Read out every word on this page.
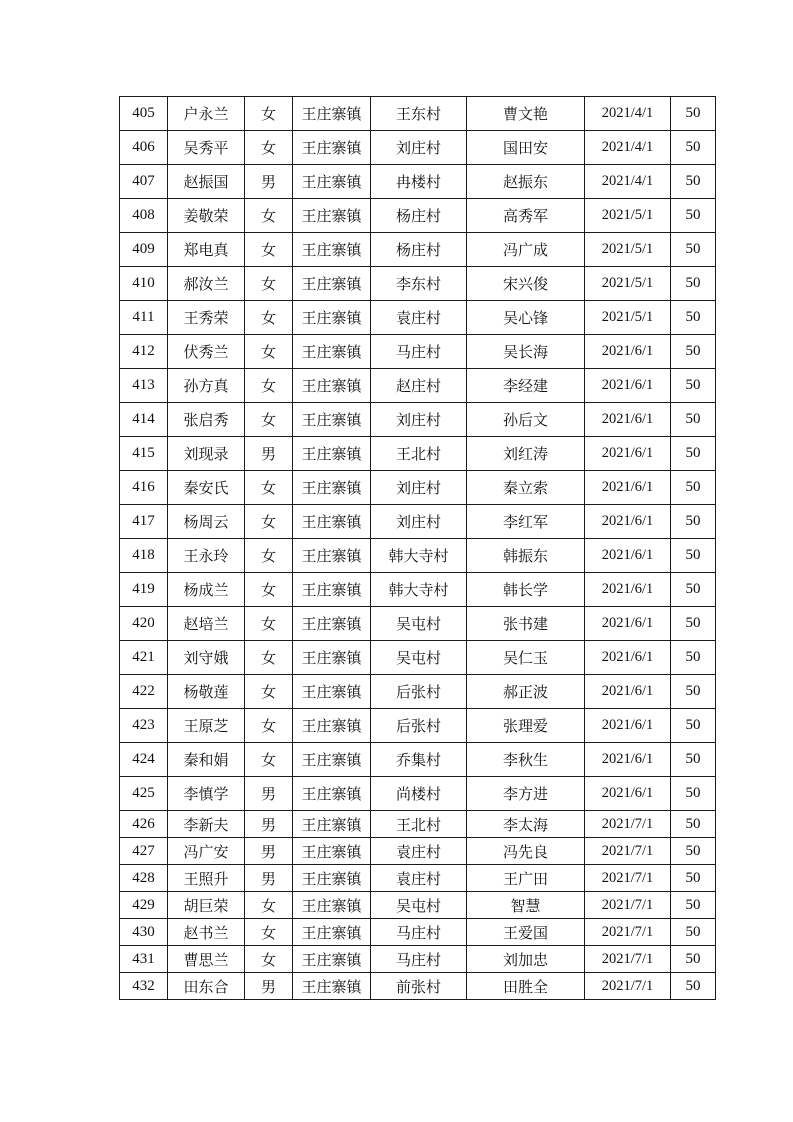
405	户永兰	女	王庄寨镇	王东村	曹文艳	2021/4/1	50
406	吴秀平	女	王庄寨镇	刘庄村	国田安	2021/4/1	50
407	赵振国	男	王庄寨镇	冉楼村	赵振东	2021/4/1	50
408	姜敬荣	女	王庄寨镇	杨庄村	高秀军	2021/5/1	50
409	郑电真	女	王庄寨镇	杨庄村	冯广成	2021/5/1	50
410	郝汝兰	女	王庄寨镇	李东村	宋兴俊	2021/5/1	50
411	王秀荣	女	王庄寨镇	袁庄村	吴心锋	2021/5/1	50
412	伏秀兰	女	王庄寨镇	马庄村	吴长海	2021/6/1	50
413	孙方真	女	王庄寨镇	赵庄村	李经建	2021/6/1	50
414	张启秀	女	王庄寨镇	刘庄村	孙后文	2021/6/1	50
415	刘现录	男	王庄寨镇	王北村	刘红涛	2021/6/1	50
416	秦安氏	女	王庄寨镇	刘庄村	秦立索	2021/6/1	50
417	杨周云	女	王庄寨镇	刘庄村	李红军	2021/6/1	50
418	王永玲	女	王庄寨镇	韩大寺村	韩振东	2021/6/1	50
419	杨成兰	女	王庄寨镇	韩大寺村	韩长学	2021/6/1	50
420	赵培兰	女	王庄寨镇	吴屯村	张书建	2021/6/1	50
421	刘守娥	女	王庄寨镇	吴屯村	吴仁玉	2021/6/1	50
422	杨敬莲	女	王庄寨镇	后张村	郝正波	2021/6/1	50
423	王原芝	女	王庄寨镇	后张村	张理爱	2021/6/1	50
424	秦和娟	女	王庄寨镇	乔集村	李秋生	2021/6/1	50
425	李慎学	男	王庄寨镇	尚楼村	李方进	2021/6/1	50
426	李新夫	男	王庄寨镇	王北村	李太海	2021/7/1	50
427	冯广安	男	王庄寨镇	袁庄村	冯先良	2021/7/1	50
428	王照升	男	王庄寨镇	袁庄村	王广田	2021/7/1	50
429	胡巨荣	女	王庄寨镇	吴屯村	智慧	2021/7/1	50
430	赵书兰	女	王庄寨镇	马庄村	王爱国	2021/7/1	50
431	曹思兰	女	王庄寨镇	马庄村	刘加忠	2021/7/1	50
432	田东合	男	王庄寨镇	前张村	田胜全	2021/7/1	50
